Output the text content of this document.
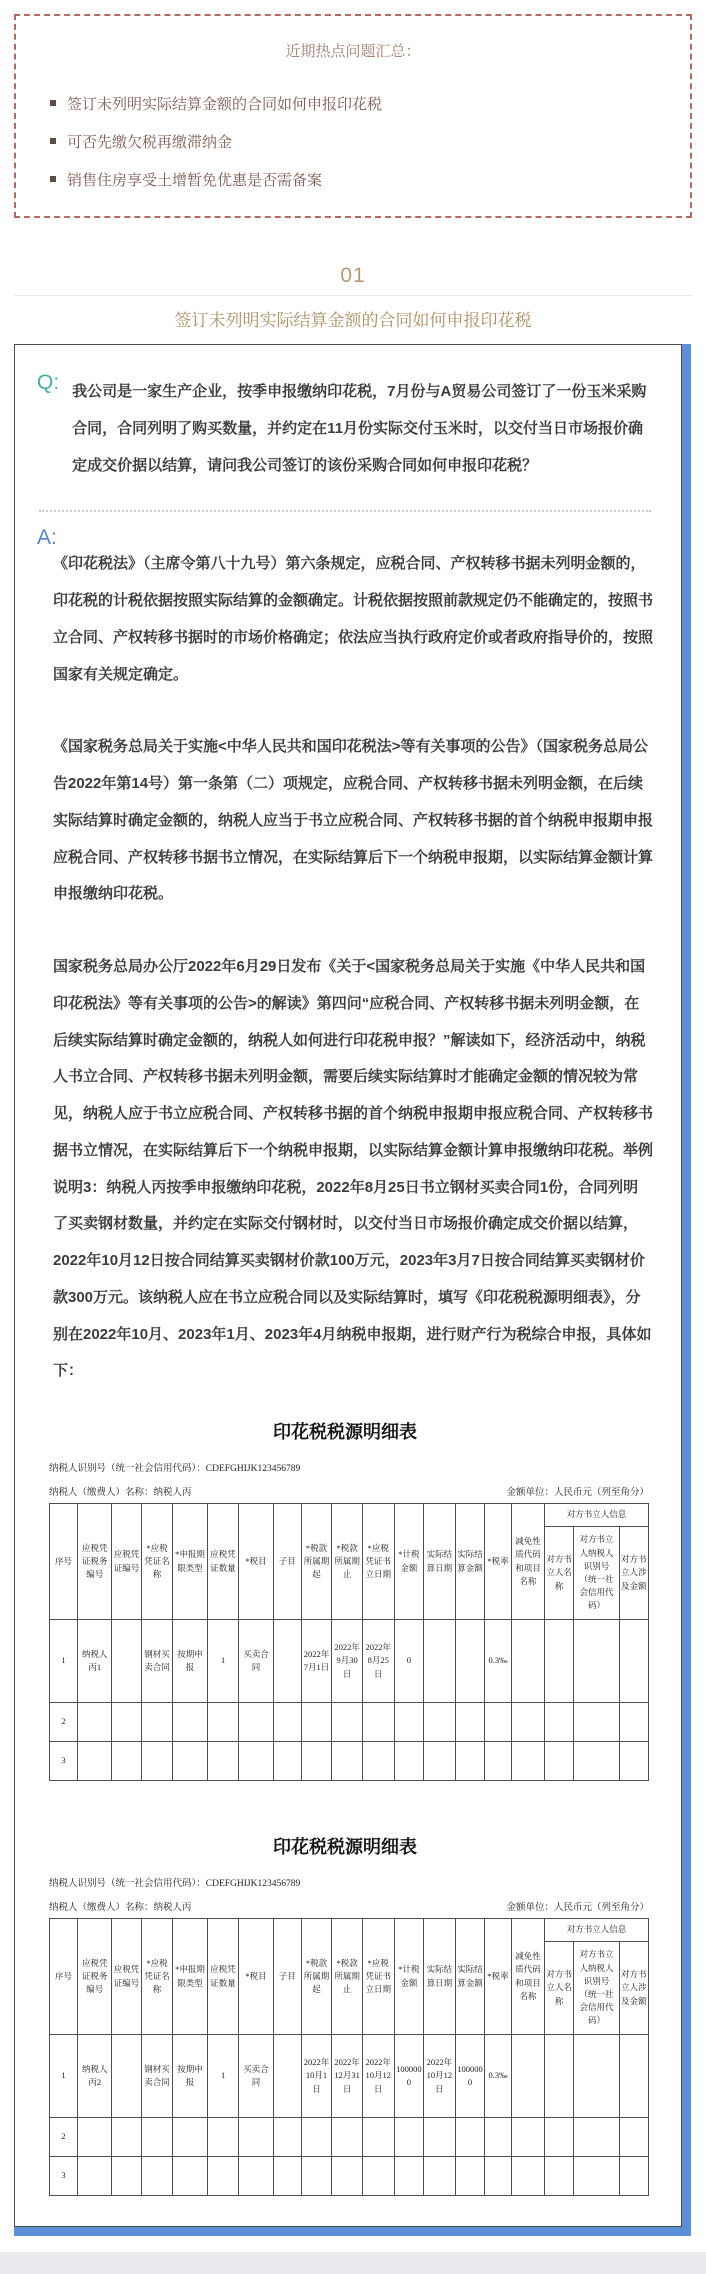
近期热点问题汇总：
签订未列明实际结算金额的合同如何申报印花税
可否先缴欠税再缴滞纳金
销售住房享受土增暂免优惠是否需备案
01
签订未列明实际结算金额的合同如何申报印花税
Q: 我公司是一家生产企业，按季申报缴纳印花税，7月份与A贸易公司签订了一份玉米采购合同，合同列明了购买数量，并约定在11月份实际交付玉米时，以交付当日市场报价确定成交价据以结算，请问我公司签订的该份采购合同如何申报印花税？
A:

《印花税法》（主席令第八十九号）第六条规定，应税合同、产权转移书据未列明金额的，印花税的计税依据按照实际结算的金额确定。计税依据按照前款规定仍不能确定的，按照书立合同、产权转移书据时的市场价格确定；依法应当执行政府定价或者政府指导价的，按照国家有关规定确定。

《国家税务总局关于实施<中华人民共和国印花税法>等有关事项的公告》（国家税务总局公告2022年第14号）第一条第（二）项规定，应税合同、产权转移书据未列明金额，在后续实际结算时确定金额的，纳税人应当于书立应税合同、产权转移书据的首个纳税申报期申报应税合同、产权转移书据书立情况，在实际结算后下一个纳税申报期，以实际结算金额计算申报缴纳印花税。

国家税务总局办公厅2022年6月29日发布《关于<国家税务总局关于实施《中华人民共和国印花税法》等有关事项的公告>的解读》第四问“应税合同、产权转移书据未列明金额，在后续实际结算时确定金额的，纳税人如何进行印花税申报？”解读如下，经济活动中，纳税人书立合同、产权转移书据未列明金额，需要后续实际结算时才能确定金额的情况较为常见，纳税人应于书立应税合同、产权转移书据的首个纳税申报期申报应税合同、产权转移书据书立情况，在实际结算后下一个纳税申报期，以实际结算金额计算申报缴纳印花税。举例说明3：纳税人丙按季申报缴纳印花税，2022年8月25日书立钢材买卖合同1份，合同列明了买卖钢材数量，并约定在实际交付钢材时，以交付当日市场报价确定成交价据以结算，2022年10月12日按合同结算买卖钢材价款100万元，2023年3月7日按合同结算买卖钢材价款300万元。该纳税人应在书立应税合同以及实际结算时，填写《印花税税源明细表》，分别在2022年10月、2023年1月、2023年4月纳税申报期，进行财产行为税综合申报，具体如下：

印花税税源明细表
纳税人识别号（统一社会信用代码）：CDEFGHIJK123456789
纳税人（缴费人）名称：纳税人丙	金额单位：人民币元（列至角分）
序号	应税凭证税务编号	应税凭证编号	*应税凭证名称	*申报期限类型	应税凭证数量	*税目	子目	*税款所属期起	*税款所属期止	*应税凭证书立日期	*计税金额	实际结算日期	实际结算金额	*税率	减免性质代码和项目名称	对方书立人信息		
																对方书立人名称	对方书立人纳税人识别号（统一社会信用代码）	对方书立人涉及金额
1	纳税人丙1		钢材买卖合同	按期申报	1	买卖合同		2022年7月1日	2022年9月30日	2022年8月25日	0			0.3‰				
2																		
3																		
印花税税源明细表
纳税人识别号（统一社会信用代码）：CDEFGHIJK123456789
纳税人（缴费人）名称：纳税人丙	金额单位：人民币元（列至角分）
序号	应税凭证税务编号	应税凭证编号	*应税凭证名称	*申报期限类型	应税凭证数量	*税目	子目	*税款所属期起	*税款所属期止	*应税凭证书立日期	*计税金额	实际结算日期	实际结算金额	*税率	减免性质代码和项目名称	对方书立人信息		
																对方书立人名称	对方书立人纳税人识别号（统一社会信用代码）	对方书立人涉及金额
1	纳税人丙2		钢材买卖合同	按期申报	1	买卖合同		2022年10月1日	2022年12月31日	2022年10月12日	1000000	2022年10月12日	1000000	0.3‰				
2																		
3																		
